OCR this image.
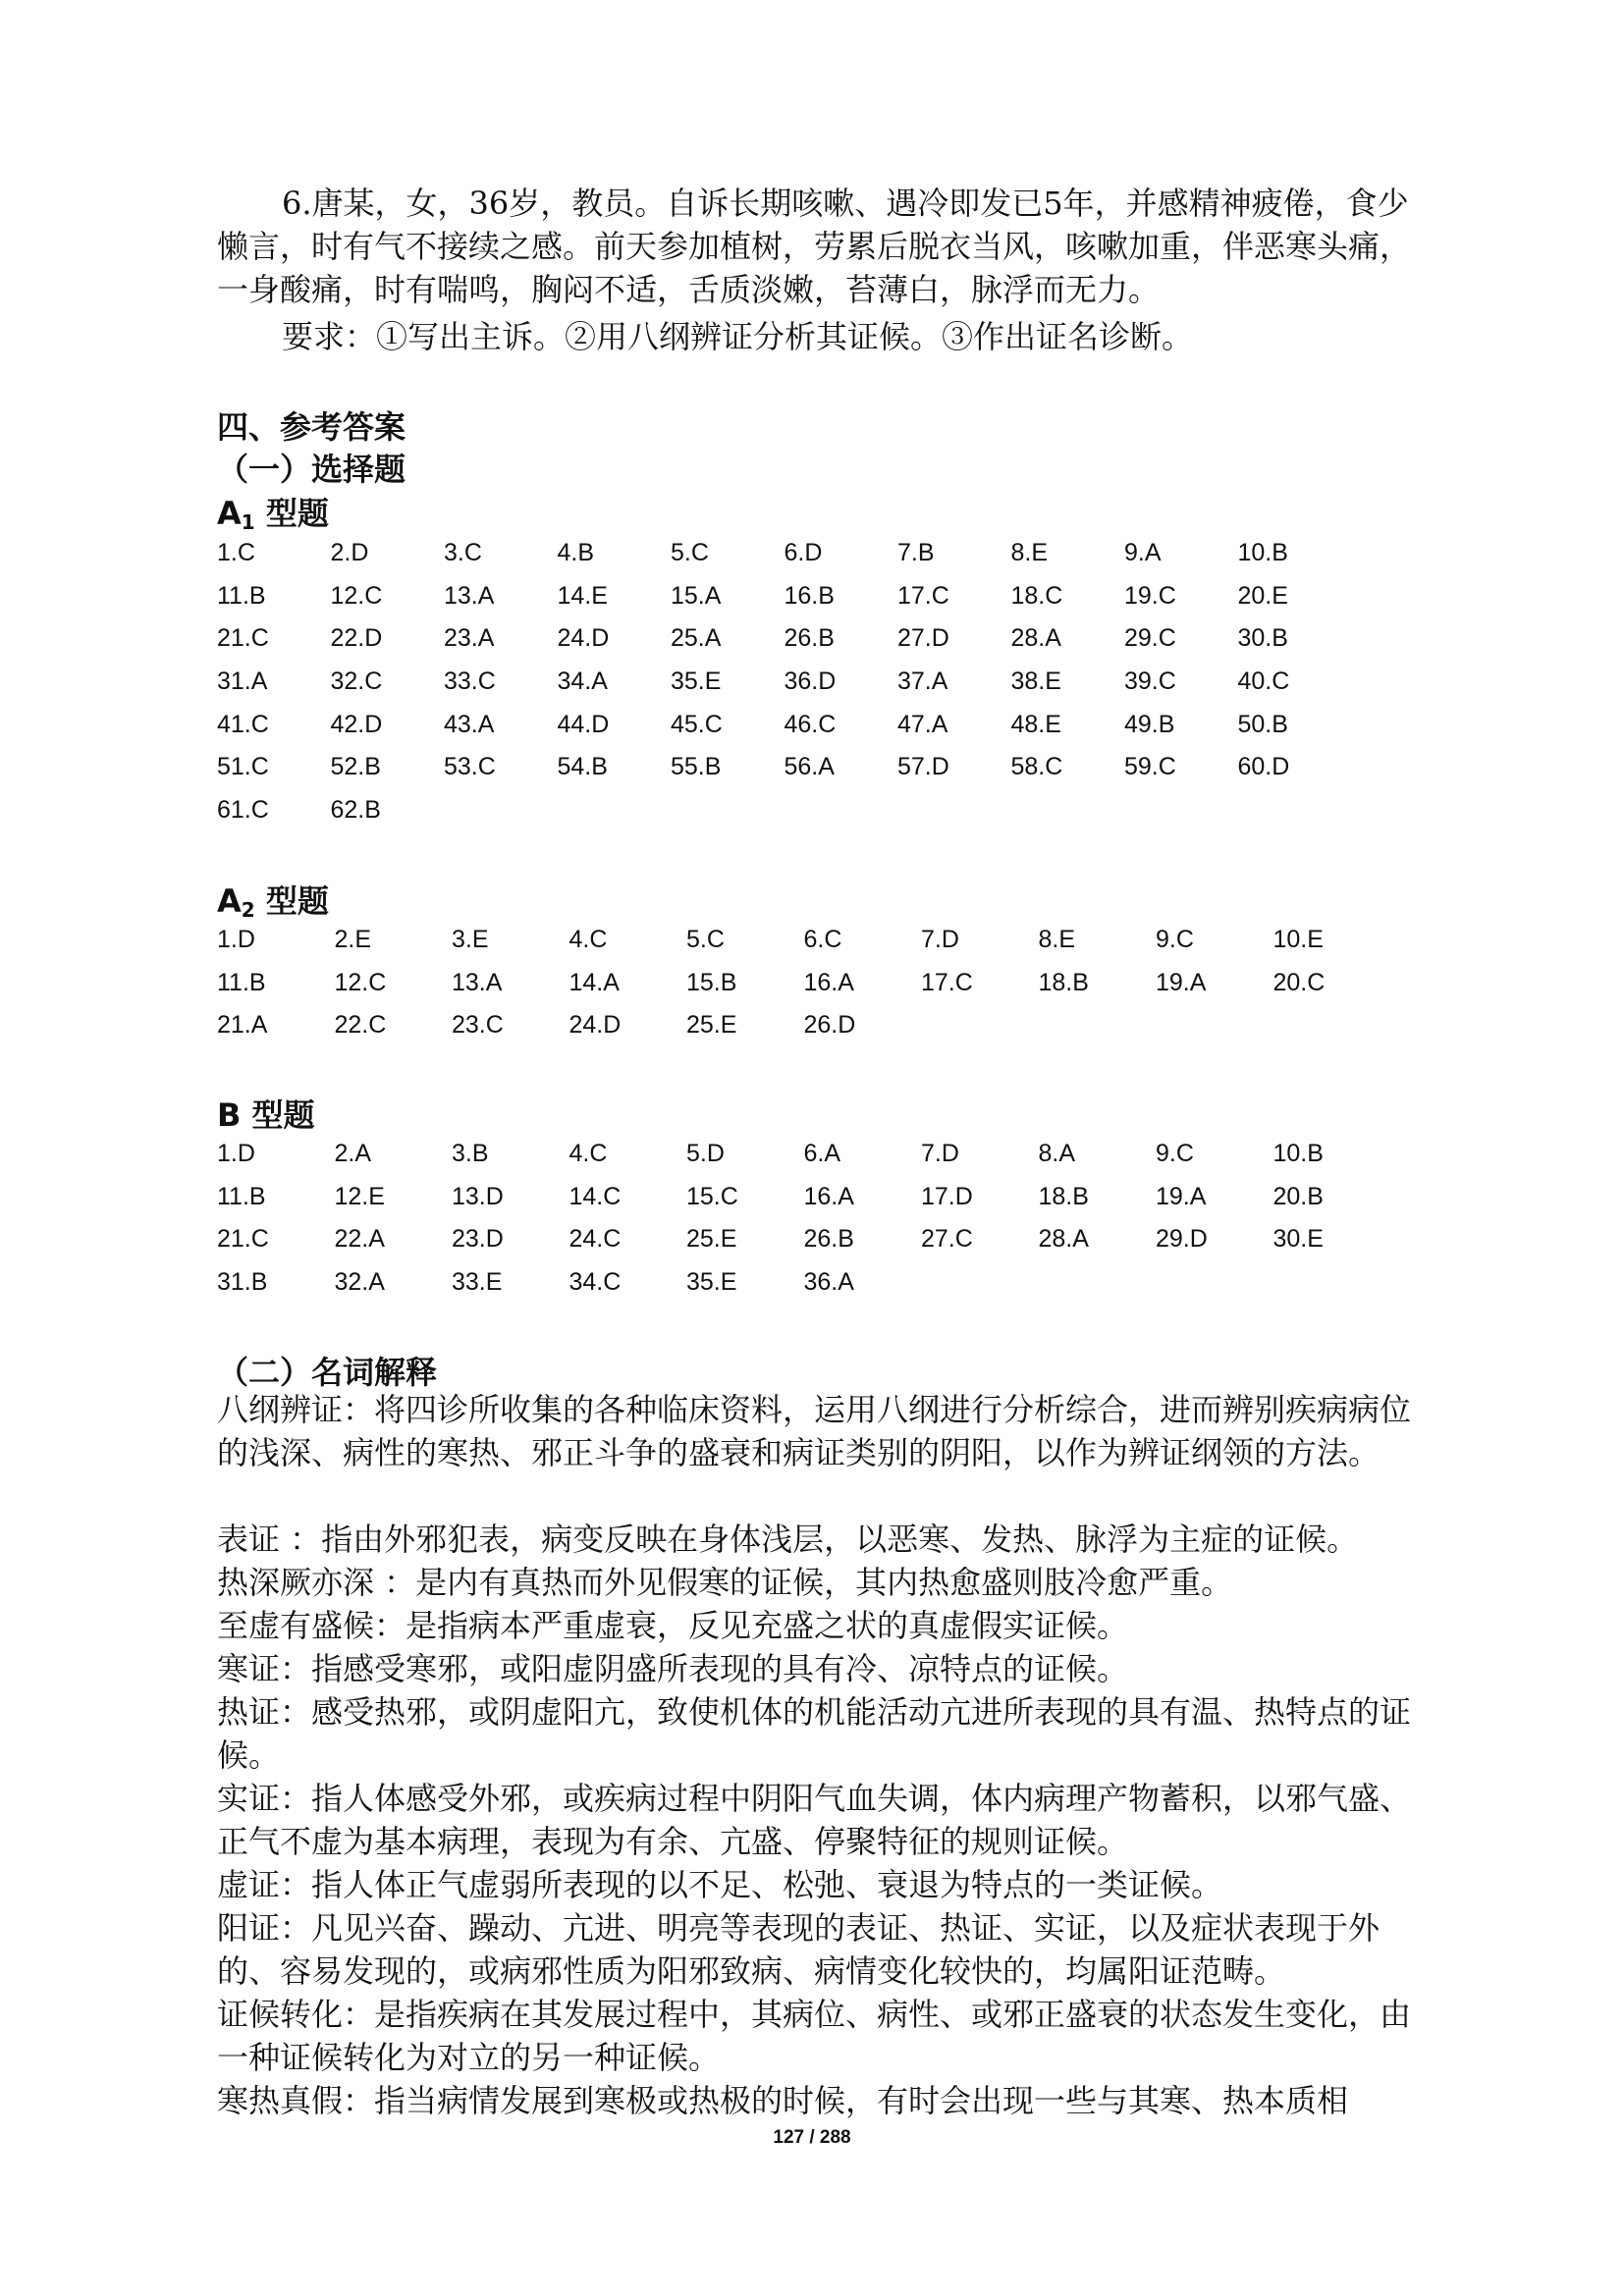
6.唐某，女，36岁，教员。自诉长期咳嗽、遇冷即发已5年，并感精神疲倦，食少懒言，时有气不接续之感。前天参加植树，劳累后脱衣当风，咳嗽加重，伴恶寒头痛，一身酸痛，时有喘鸣，胸闷不适，舌质淡嫩，苔薄白，脉浮而无力。

要求：①写出主诉。②用八纲辨证分析其证候。③作出证名诊断。

四、参考答案

（一）选择题

$A_1$ 型题

1.C	2.D	3.C	4.B	5.C	6.D	7.B	8.E	9.A	10.B
11.B	12.C	13.A	14.E	15.A	16.B	17.C	18.C	19.C	20.E
21.C	22.D	23.A	24.D	25.A	26.B	27.D	28.A	29.C	30.B
31.A	32.C	33.C	34.A	35.E	36.D	37.A	38.E	39.C	40.C
41.C	42.D	43.A	44.D	45.C	46.C	47.A	48.E	49.B	50.B
51.C	52.B	53.C	54.B	55.B	56.A	57.D	58.C	59.C	60.D
61.C	62.B

$A_2$ 型题

1.D	2.E	3.E	4.C	5.C	6.C	7.D	8.E	9.C	10.E
11.B	12.C	13.A	14.A	15.B	16.A	17.C	18.B	19.A	20.C
21.A	22.C	23.C	24.D	25.E	26.D

B 型题

1.D	2.A	3.B	4.C	5.D	6.A	7.D	8.A	9.C	10.B
11.B	12.E	13.D	14.C	15.C	16.A	17.D	18.B	19.A	20.B
21.C	22.A	23.D	24.C	25.E	26.B	27.C	28.A	29.D	30.E
31.B	32.A	33.E	34.C	35.E	36.A

（二）名词解释

八纲辨证：将四诊所收集的各种临床资料，运用八纲进行分析综合，进而辨别疾病病位的浅深、病性的寒热、邪正斗争的盛衰和病证类别的阴阳，以作为辨证纲领的方法。

表证 ：指由外邪犯表，病变反映在身体浅层，以恶寒、发热、脉浮为主症的证候。

热深厥亦深 ：是内有真热而外见假寒的证候，其内热愈盛则肢冷愈严重。

至虚有盛候：是指病本严重虚衰，反见充盛之状的真虚假实证候。

寒证：指感受寒邪，或阳虚阴盛所表现的具有冷、凉特点的证候。

热证：感受热邪，或阴虚阳亢，致使机体的机能活动亢进所表现的具有温、热特点的证候。

实证：指人体感受外邪，或疾病过程中阴阳气血失调，体内病理产物蓄积，以邪气盛、正气不虚为基本病理，表现为有余、亢盛、停聚特征的规则证候。

虚证：指人体正气虚弱所表现的以不足、松弛、衰退为特点的一类证候。

阳证：凡见兴奋、躁动、亢进、明亮等表现的表证、热证、实证，以及症状表现于外的、容易发现的，或病邪性质为阳邪致病、病情变化较快的，均属阳证范畴。

证候转化：是指疾病在其发展过程中，其病位、病性、或邪正盛衰的状态发生变化，由一种证候转化为对立的另一种证候。

寒热真假：指当病情发展到寒极或热极的时候，有时会出现一些与其寒、热本质相

127 / 288
